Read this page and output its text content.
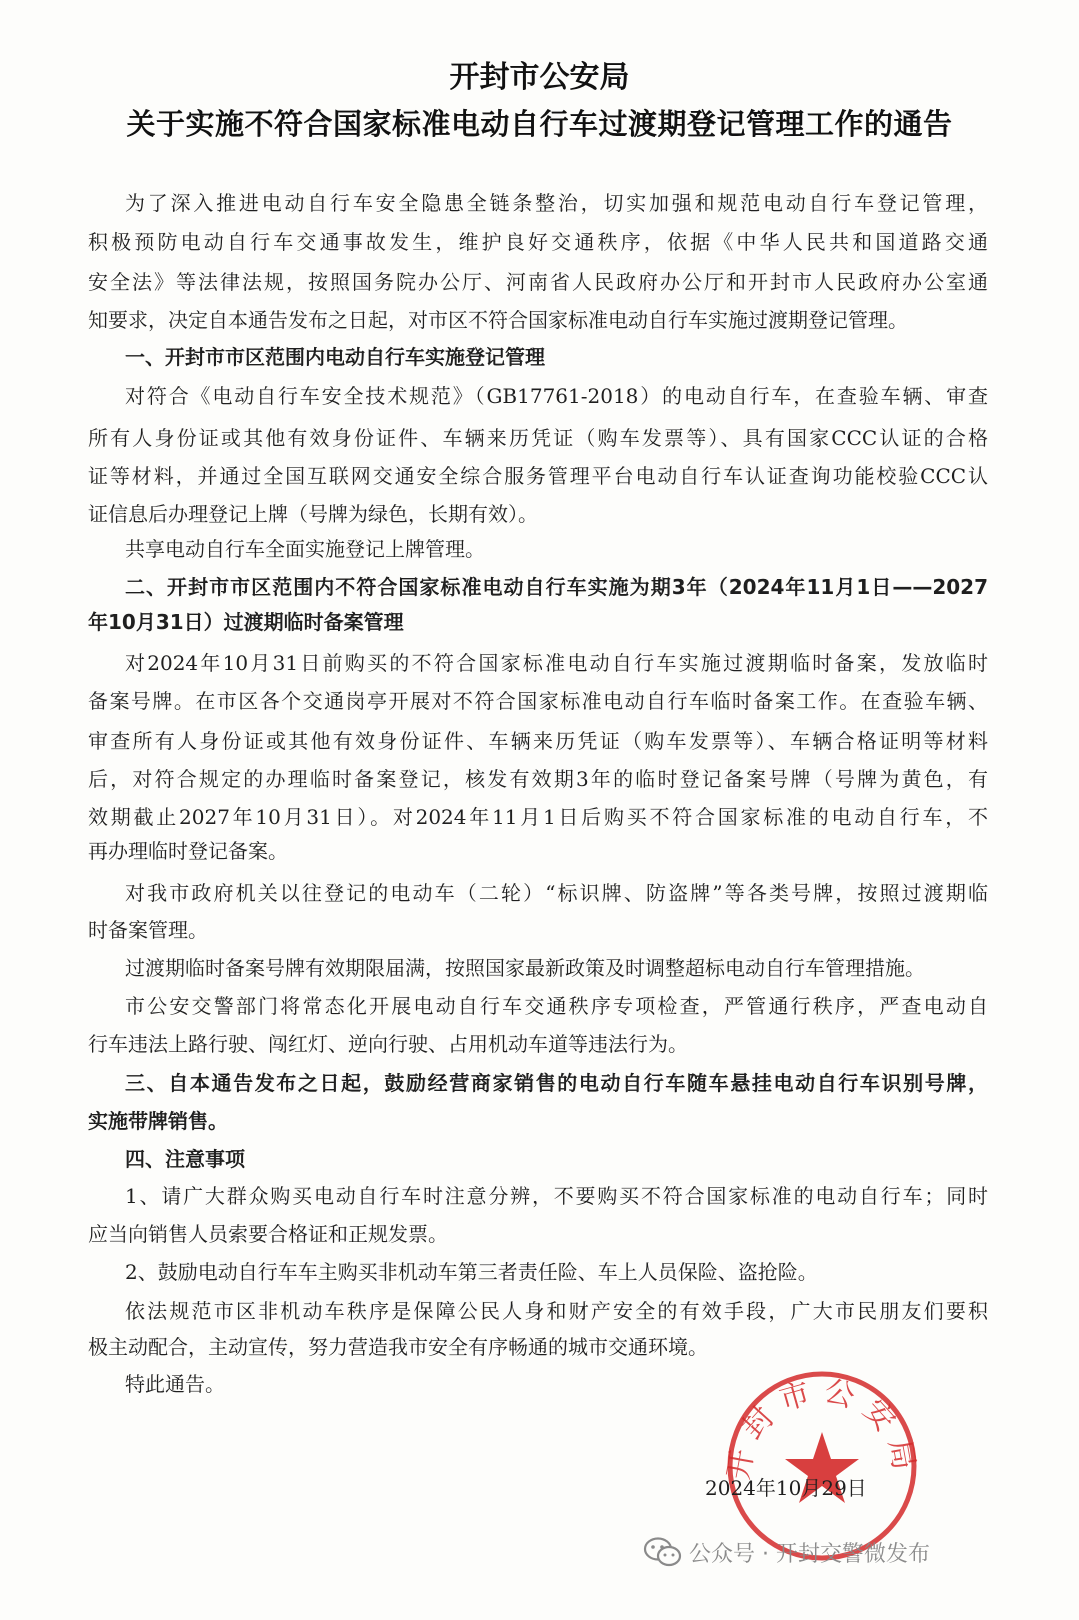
开封市公安局
关于实施不符合国家标准电动自行车过渡期登记管理工作的通告
为了深入推进电动自行车安全隐患全链条整治，切实加强和规范电动自行车登记管理，
积极预防电动自行车交通事故发生，维护良好交通秩序，依据《中华人民共和国道路交通
安全法》等法律法规，按照国务院办公厅、河南省人民政府办公厅和开封市人民政府办公室通
知要求，决定自本通告发布之日起，对市区不符合国家标准电动自行车实施过渡期登记管理。
一、开封市市区范围内电动自行车实施登记管理
对符合《电动自行车安全技术规范》（GB17761-2018）的电动自行车，在查验车辆、审查
所有人身份证或其他有效身份证件、车辆来历凭证（购车发票等）、具有国家CCC认证的合格
证等材料，并通过全国互联网交通安全综合服务管理平台电动自行车认证查询功能校验CCC认
证信息后办理登记上牌（号牌为绿色，长期有效）。
共享电动自行车全面实施登记上牌管理。
二、开封市市区范围内不符合国家标准电动自行车实施为期3年（2024年11月1日——2027
年10月31日）过渡期临时备案管理
对2024年10月31日前购买的不符合国家标准电动自行车实施过渡期临时备案，发放临时
备案号牌。在市区各个交通岗亭开展对不符合国家标准电动自行车临时备案工作。在查验车辆、
审查所有人身份证或其他有效身份证件、车辆来历凭证（购车发票等）、车辆合格证明等材料
后，对符合规定的办理临时备案登记，核发有效期3年的临时登记备案号牌（号牌为黄色，有
效期截止2027年10月31日）。对2024年11月1日后购买不符合国家标准的电动自行车，不
再办理临时登记备案。
对我市政府机关以往登记的电动车（二轮）“标识牌、防盗牌”等各类号牌，按照过渡期临
时备案管理。
过渡期临时备案号牌有效期限届满，按照国家最新政策及时调整超标电动自行车管理措施。
市公安交警部门将常态化开展电动自行车交通秩序专项检查，严管通行秩序，严查电动自
行车违法上路行驶、闯红灯、逆向行驶、占用机动车道等违法行为。
三、自本通告发布之日起，鼓励经营商家销售的电动自行车随车悬挂电动自行车识别号牌，
实施带牌销售。
四、注意事项
1、请广大群众购买电动自行车时注意分辨，不要购买不符合国家标准的电动自行车；同时
应当向销售人员索要合格证和正规发票。
2、鼓励电动自行车车主购买非机动车第三者责任险、车上人员保险、盗抢险。
依法规范市区非机动车秩序是保障公民人身和财产安全的有效手段，广大市民朋友们要积
极主动配合，主动宣传，努力营造我市安全有序畅通的城市交通环境。
特此通告。
开封市公安局
2024年10月29日
公众号 · 开封交警微发布
